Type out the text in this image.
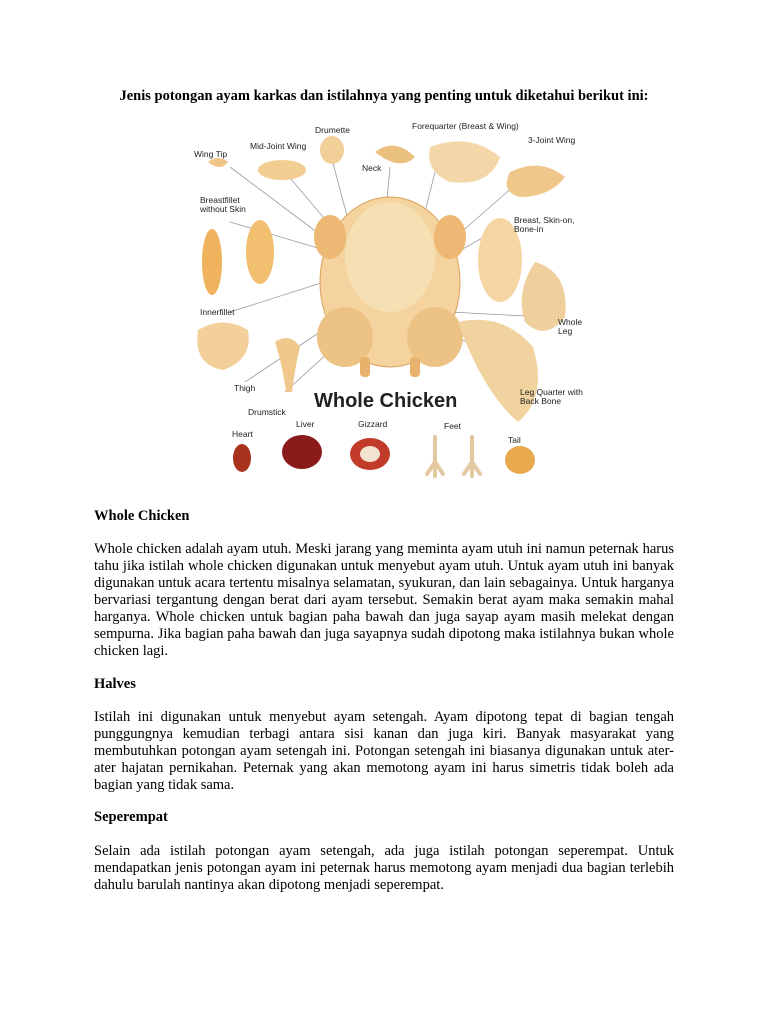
Jenis potongan ayam karkas dan istilahnya yang penting untuk diketahui berikut ini:
Wing Tip
Mid-Joint Wing
Drumette	Forequarter (Breast & Wing)
3-Joint Wing
Neck
Breastfillet without Skin
Breast, Skin-on, Bone-in
Whole Leg
Innerfillet
Thigh
Drumstick
Leg Quarter with Back Bone
Heart
Liver	Gizzard	Feet
Tail
Whole Chicken
Whole Chicken

Whole chicken adalah ayam utuh. Meski jarang yang meminta ayam utuh ini namun peternak harus tahu jika istilah whole chicken digunakan untuk menyebut ayam utuh. Untuk ayam utuh ini banyak digunakan untuk acara tertentu misalnya selamatan, syukuran, dan lain sebagainya. Untuk harganya bervariasi tergantung dengan berat dari ayam tersebut. Semakin berat ayam maka semakin mahal harganya. Whole chicken untuk bagian paha bawah dan juga sayap ayam masih melekat dengan sempurna. Jika bagian paha bawah dan juga sayapnya sudah dipotong maka istilahnya bukan whole chicken lagi.

Halves

Istilah ini digunakan untuk menyebut ayam setengah. Ayam dipotong tepat di bagian tengah punggungnya kemudian terbagi antara sisi kanan dan juga kiri. Banyak masyarakat yang membutuhkan potongan ayam setengah ini. Potongan setengah ini biasanya digunakan untuk ater-ater hajatan pernikahan. Peternak yang akan memotong ayam ini harus simetris tidak boleh ada bagian yang tidak sama.

Seperempat

Selain ada istilah potongan ayam setengah, ada juga istilah potongan seperempat. Untuk mendapatkan jenis potongan ayam ini peternak harus memotong ayam menjadi dua bagian terlebih dahulu barulah nantinya akan dipotong menjadi seperempat.
